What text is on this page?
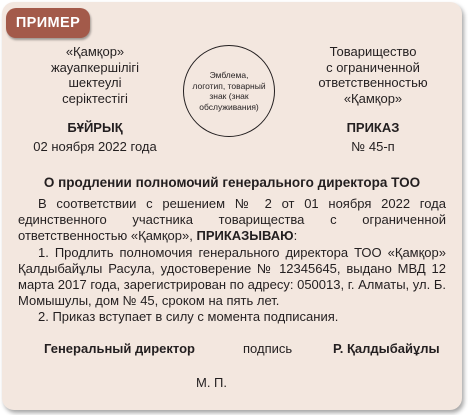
ПРИМЕР
«Қамқор»
жауапкершілігі
шектеулі
серіктестігі
Эмблема, логотип, товарный знак (знак обслуживания)
Товарищество
с ограниченной
ответственностью
«Қамқор»
БҰЙРЫҚ
02 ноября 2022 года
ПРИКАЗ
№ 45-п
О продлении полномочий генерального директора ТОО

В соответствии с решением № 2 от 01 ноября 2022 года единственного участника товарищества с ограниченной ответственностью «Қамқор», ПРИКАЗЫВАЮ:

1. Продлить полномочия генерального директора ТОО «Қамқор» Қалдыбайұлы Расула, удостоверение № 12345645, выдано МВД 12 марта 2017 года, зарегистрирован по адресу: 050013, г. Алматы, ул. Б. Момышулы, дом № 45, сроком на пять лет.

2. Приказ вступает в силу с момента подписания.

Генеральный директор	подпись	Р. Қалдыбайұлы
М. П.
